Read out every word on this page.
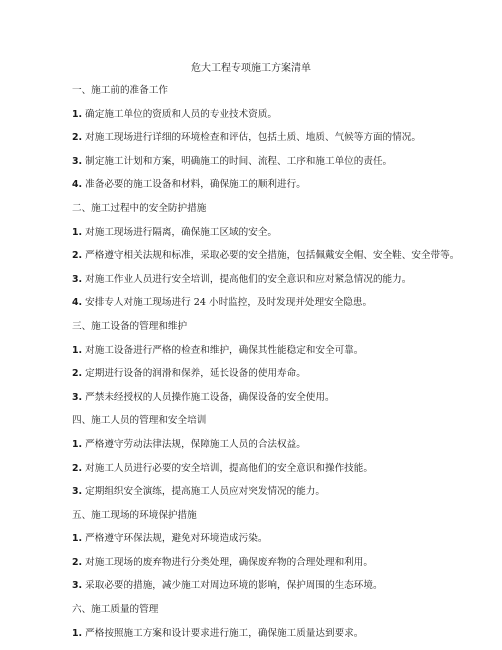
危大工程专项施工方案清单
一、施工前的准备工作
1. 确定施工单位的资质和人员的专业技术资质。
2. 对施工现场进行详细的环境检查和评估，包括土质、地质、气候等方面的情况。
3. 制定施工计划和方案，明确施工的时间、流程、工序和施工单位的责任。
4. 准备必要的施工设备和材料，确保施工的顺利进行。
二、施工过程中的安全防护措施
1. 对施工现场进行隔离，确保施工区域的安全。
2. 严格遵守相关法规和标准，采取必要的安全措施，包括佩戴安全帽、安全鞋、安全带等。
3. 对施工作业人员进行安全培训，提高他们的安全意识和应对紧急情况的能力。
4. 安排专人对施工现场进行 24 小时监控，及时发现并处理安全隐患。
三、施工设备的管理和维护
1. 对施工设备进行严格的检查和维护，确保其性能稳定和安全可靠。
2. 定期进行设备的润滑和保养，延长设备的使用寿命。
3. 严禁未经授权的人员操作施工设备，确保设备的安全使用。
四、施工人员的管理和安全培训
1. 严格遵守劳动法律法规，保障施工人员的合法权益。
2. 对施工人员进行必要的安全培训，提高他们的安全意识和操作技能。
3. 定期组织安全演练，提高施工人员应对突发情况的能力。
五、施工现场的环境保护措施
1. 严格遵守环保法规，避免对环境造成污染。
2. 对施工现场的废弃物进行分类处理，确保废弃物的合理处理和利用。
3. 采取必要的措施，减少施工对周边环境的影响，保护周围的生态环境。
六、施工质量的管理
1. 严格按照施工方案和设计要求进行施工，确保施工质量达到要求。
